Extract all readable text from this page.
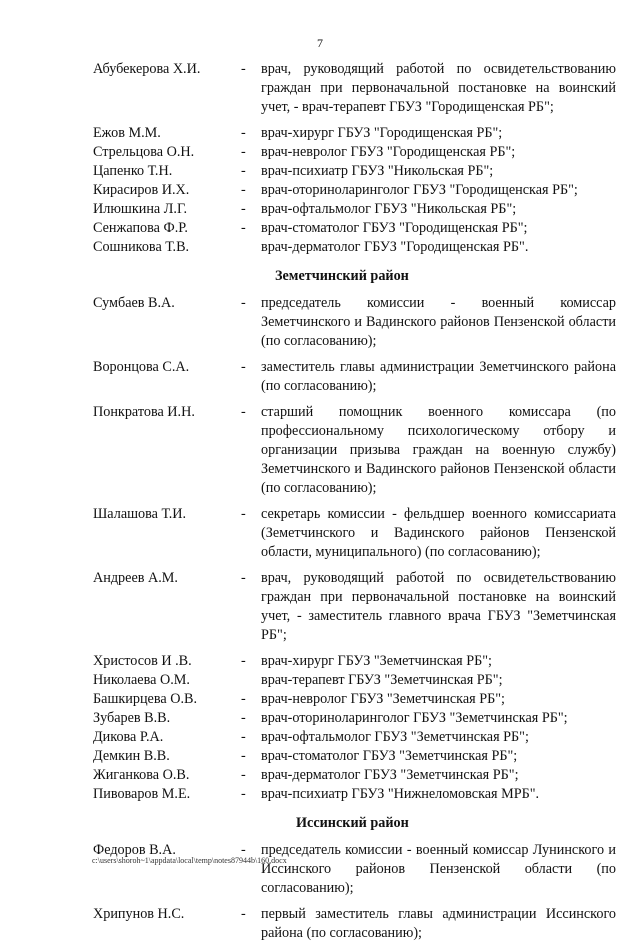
7
Абубекерова Х.И.	-	врач, руководящий работой по освидетельствованию граждан при первоначальной постановке на воинский учет, - врач-терапевт ГБУЗ "Городищенская РБ";
Ежов М.М.	-	врач-хирург ГБУЗ "Городищенская РБ";
Стрельцова О.Н.	-	врач-невролог ГБУЗ "Городищенская РБ";
Цапенко Т.Н.	-	врач-психиатр ГБУЗ "Никольская РБ";
Кирасиров И.Х.	-	врач-оториноларинголог ГБУЗ "Городищенская РБ";
Илюшкина Л.Г.	-	врач-офтальмолог ГБУЗ "Никольская РБ";
Сенжапова Ф.Р.	-	врач-стоматолог ГБУЗ "Городищенская РБ";
Сошникова Т.В.	врач-дерматолог ГБУЗ "Городищенская РБ".
Земетчинский район
Сумбаев В.А.	-	председатель комиссии - военный комиссар Земетчинского и Вадинского районов Пензенской области (по согласованию);
Воронцова С.А.	-	заместитель главы администрации Земетчинского района (по согласованию);
Понкратова И.Н.	-	старший помощник военного комиссара (по профессиональному психологическому отбору и организации призыва граждан на военную службу) Земетчинского и Вадинского районов Пензенской области (по согласованию);
Шалашова Т.И.	-	секретарь комиссии - фельдшер военного комиссариата (Земетчинского и Вадинского районов Пензенской области, муниципального) (по согласованию);
Андреев А.М.	-	врач, руководящий работой по освидетельствованию граждан при первоначальной постановке на воинский учет, - заместитель главного врача ГБУЗ "Земетчинская РБ";
Христосов И .В.	-	врач-хирург ГБУЗ "Земетчинская РБ";
Николаева О.М.	врач-терапевт ГБУЗ "Земетчинская РБ";
Башкирцева О.В.	-	врач-невролог ГБУЗ "Земетчинская РБ";
Зубарев В.В.	-	врач-оториноларинголог ГБУЗ "Земетчинская РБ";
Дикова Р.А.	-	врач-офтальмолог ГБУЗ "Земетчинская РБ";
Демкин В.В.	-	врач-стоматолог ГБУЗ "Земетчинская РБ";
Жиганкова О.В.	-	врач-дерматолог ГБУЗ "Земетчинская РБ";
Пивоваров М.Е.	-	врач-психиатр ГБУЗ "Нижнеломовская МРБ".
Иссинский район
Федоров В.А.	-	председатель комиссии - военный комиссар Лунинского и Иссинского районов Пензенской области (по согласованию);
Хрипунов Н.С.	-	первый заместитель главы администрации Иссинского района (по согласованию);
c:\users\shoroh~1\appdata\local\temp\notes87944b\160.docx
